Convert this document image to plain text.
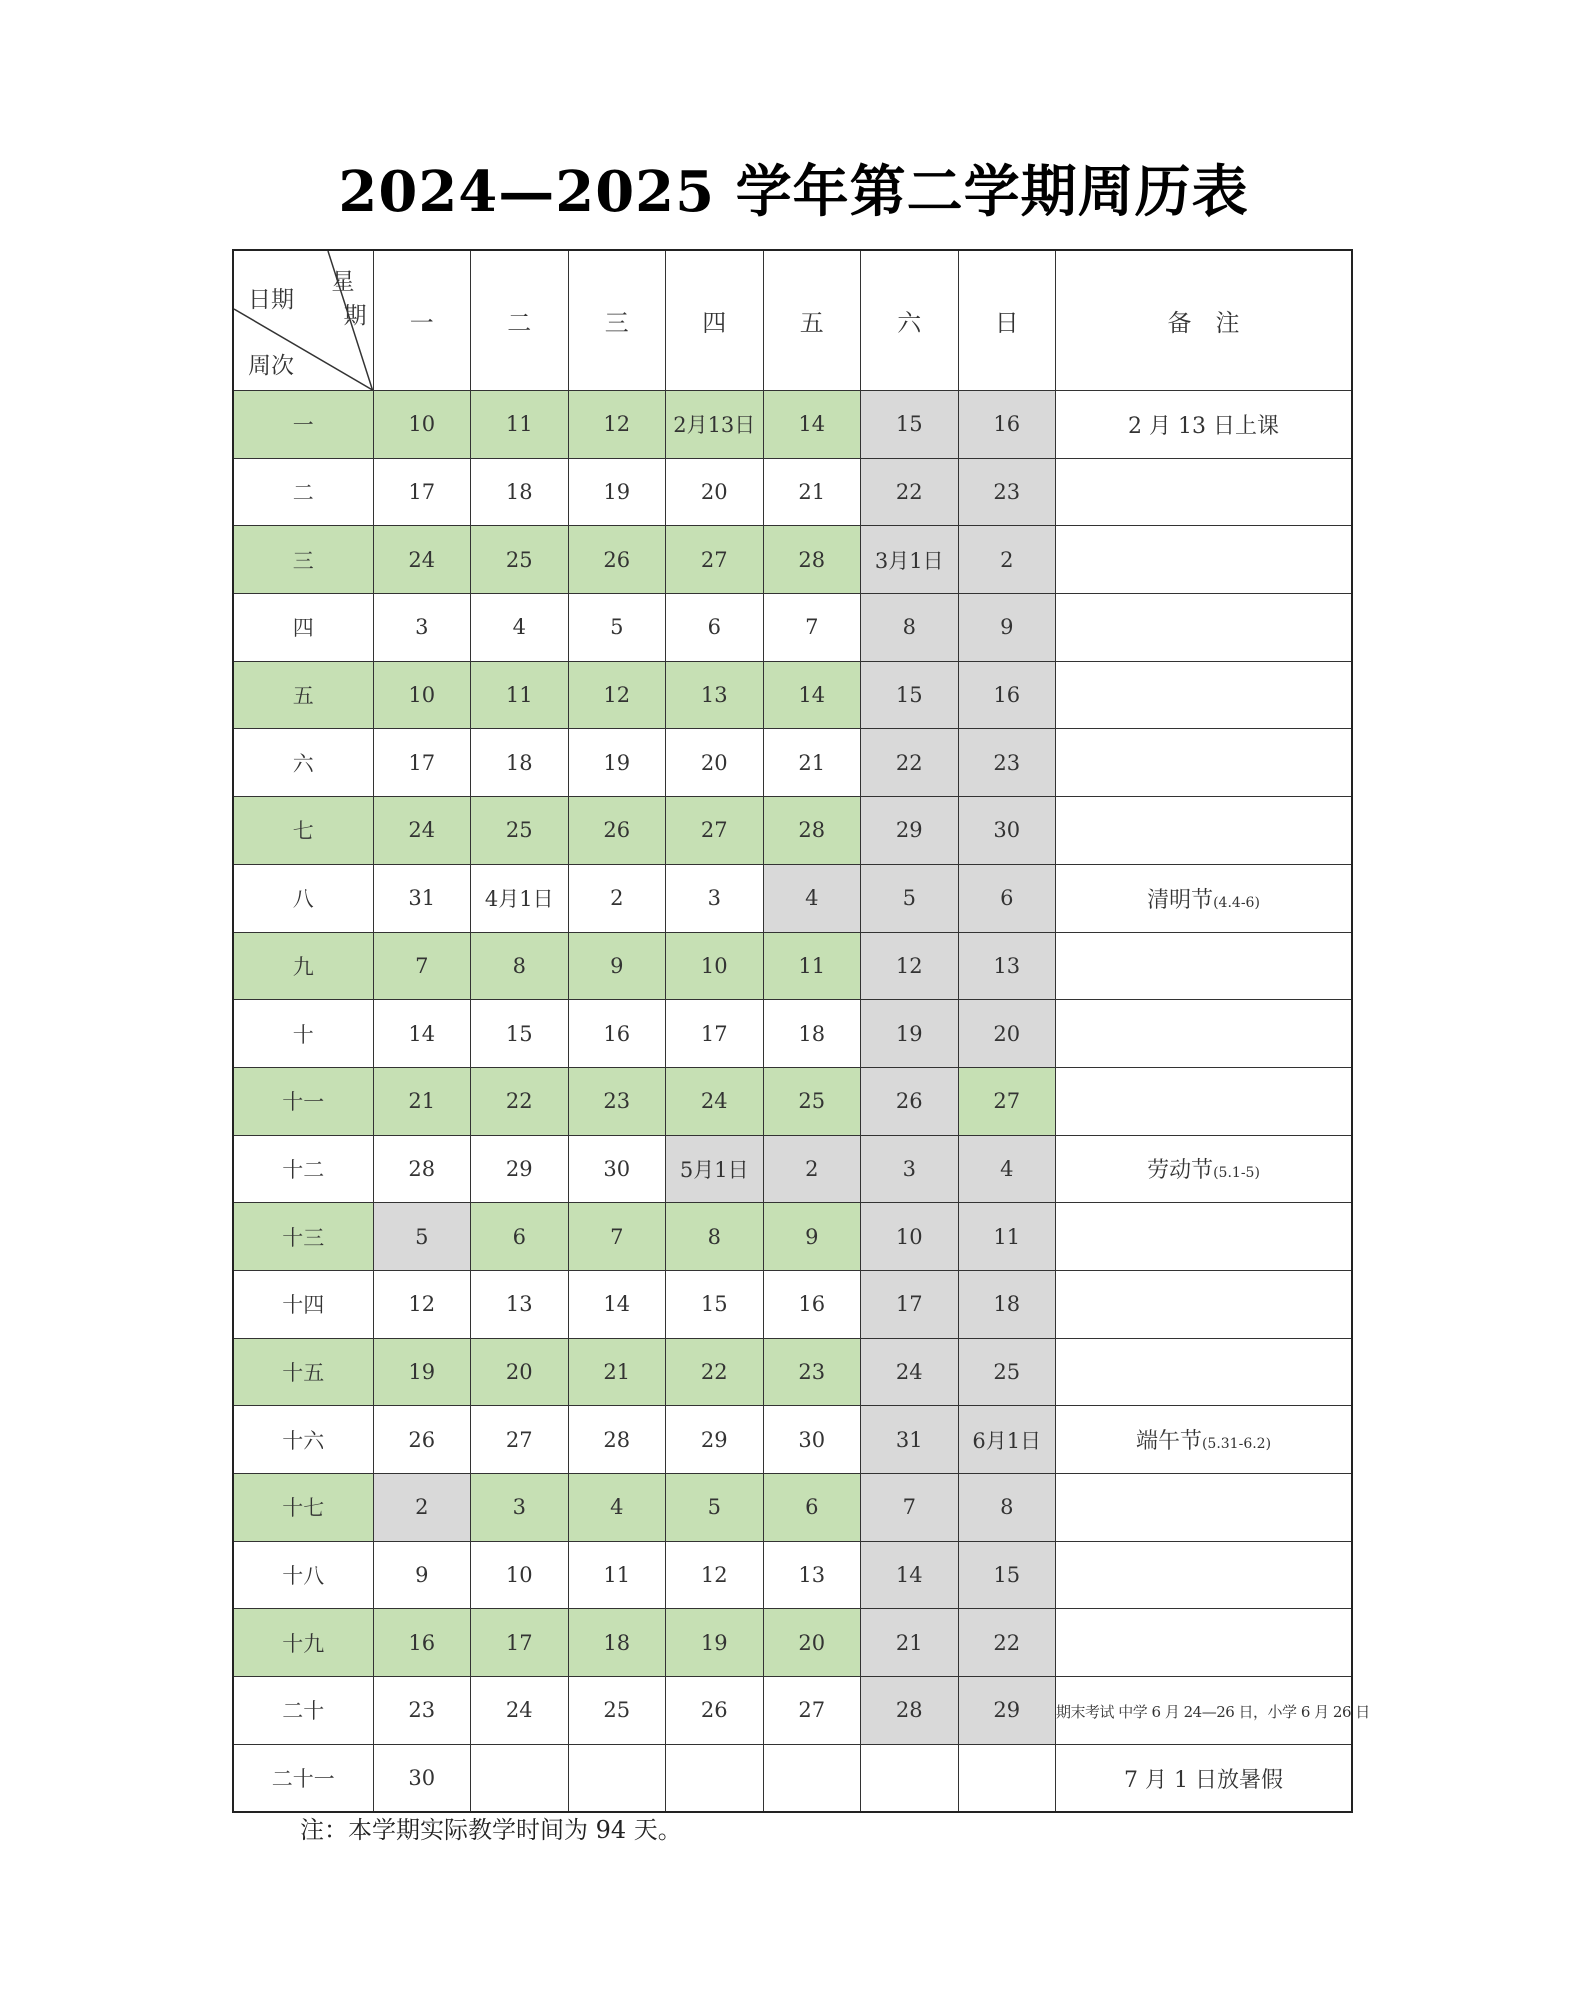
2024—2025 学年第二学期周历表
日期
星
期
周次	一	二	三	四	五	六	日	备　注
一	10	11	12	2月13日	14	15	16	2 月 13 日上课
二	17	18	19	20	21	22	23	
三	24	25	26	27	28	3月1日	2	
四	3	4	5	6	7	8	9	
五	10	11	12	13	14	15	16	
六	17	18	19	20	21	22	23	
七	24	25	26	27	28	29	30	
八	31	4月1日	2	3	4	5	6	清明节(4.4-6)
九	7	8	9	10	11	12	13	
十	14	15	16	17	18	19	20	
十一	21	22	23	24	25	26	27	
十二	28	29	30	5月1日	2	3	4	劳动节(5.1-5)
十三	5	6	7	8	9	10	11	
十四	12	13	14	15	16	17	18	
十五	19	20	21	22	23	24	25	
十六	26	27	28	29	30	31	6月1日	端午节(5.31-6.2)
十七	2	3	4	5	6	7	8	
十八	9	10	11	12	13	14	15	
十九	16	17	18	19	20	21	22	
二十	23	24	25	26	27	28	29	期末考试 中学 6 月 24—26 日，小学 6 月 26 日
二十一	30							7 月 1 日放暑假
注：本学期实际教学时间为 94 天。
